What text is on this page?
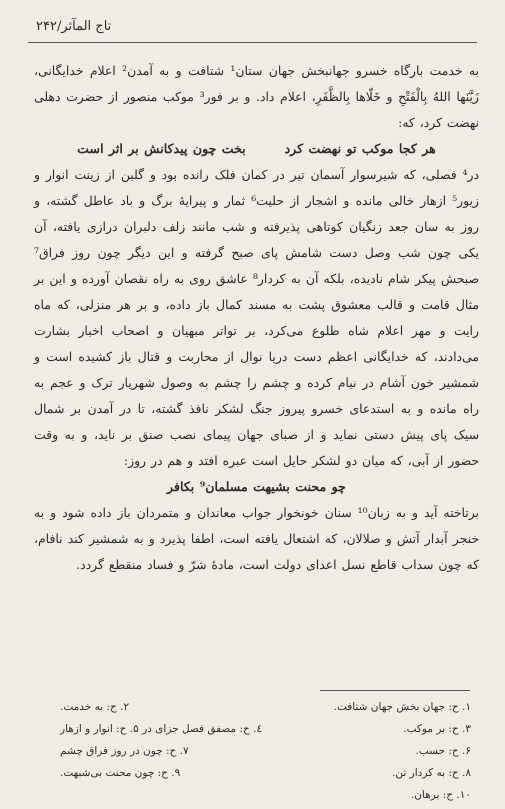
تاج المآثر/۲۴۲

به خدمت بارگاه خسرو جهانبخش جهان ستان¹ شتافت و به آمدن² اعلام خدایگانی، زَيَّنَها اللهُ بِالْفَتْحِ و خَلّاها بِالظَّفَرِ، اعلام داد. و بر فور³ موکب منصور از حضرت دهلی نهضت کرد، که:

هر کجا موکب تو نهضت کرد  بخت چون پیدکانش بر اثر است

در⁴ فصلی، که شیرسوار آسمان تیر در کمان فلک رانده بود و گلبن از زینت انوار و زیور⁵ ازهار خالی مانده و اشجار از حلیت⁶ ثمار و پیرایهٔ برگ و باد عاطل گشته، و روز به سان جعد زنگیان کوتاهی پذیرفته و شب مانند زلف دلبران درازی یافته، آن یکی چون شب وصل دست شامش پای صبح گرفته و این دیگر چون روز فراق⁷ صبحش پیکر شام نادیده، بلکه آن به کردار⁸ عاشق روی به راه نقصان آورده و این بر مثال قامت و قالب معشوق پشت به مسند کمال باز داده، و بر هر منزلی، که ماه رایت و مهر اعلام شاه طلوع می‌کرد، بر تواتر مبهیان و اصحاب اخبار بشارت می‌دادند، که خدایگانی اعظم دست دریا نوال از محاربت و قتال باز کشیده است و شمشیر خون آشام در نیام کرده و چشم را چشم به وصول شهریار ترک و عجم به راه مانده و به استدعای خسرو پیروز جنگ لشکر نافذ گشته، تا در آمدن بر شمال سیک پای پیش دستی نماید و از صبای جهان پیمای نصب صنق بر ناید، و به وقت حضور از آبی، که میان دو لشکر حایل است عبره افتد و هم در روز:

چو محنت بشیهت مسلمان⁹ بکافر

برتاخته آید و به زبان¹⁰ سنان خونخوار جواب معاندان و متمردان باز داده شود و به خنجر آبدار آتش و صلالان، که اشتعال یافته است، اطفا پذیرد و به شمشیر کند نافام، که چون سداب قاطع نسل اعدای دولت است، مادهٔ شرّ و فساد منقطع گردد.

١. ح: جهان بخش جهان شتافت.
٢. ح: به خدمت.
٣. ح: بر موکب.
٤. ح: مصفق فصل جزای در ۵. ح: انوار و ازهار
۶. ح: حسب.
٧. ح: چون در روز فراق چشم
٨. ح: به کردار تن.
٩. ح: چون محنت بی‌شبهت.
١٠. ح: برهان.
